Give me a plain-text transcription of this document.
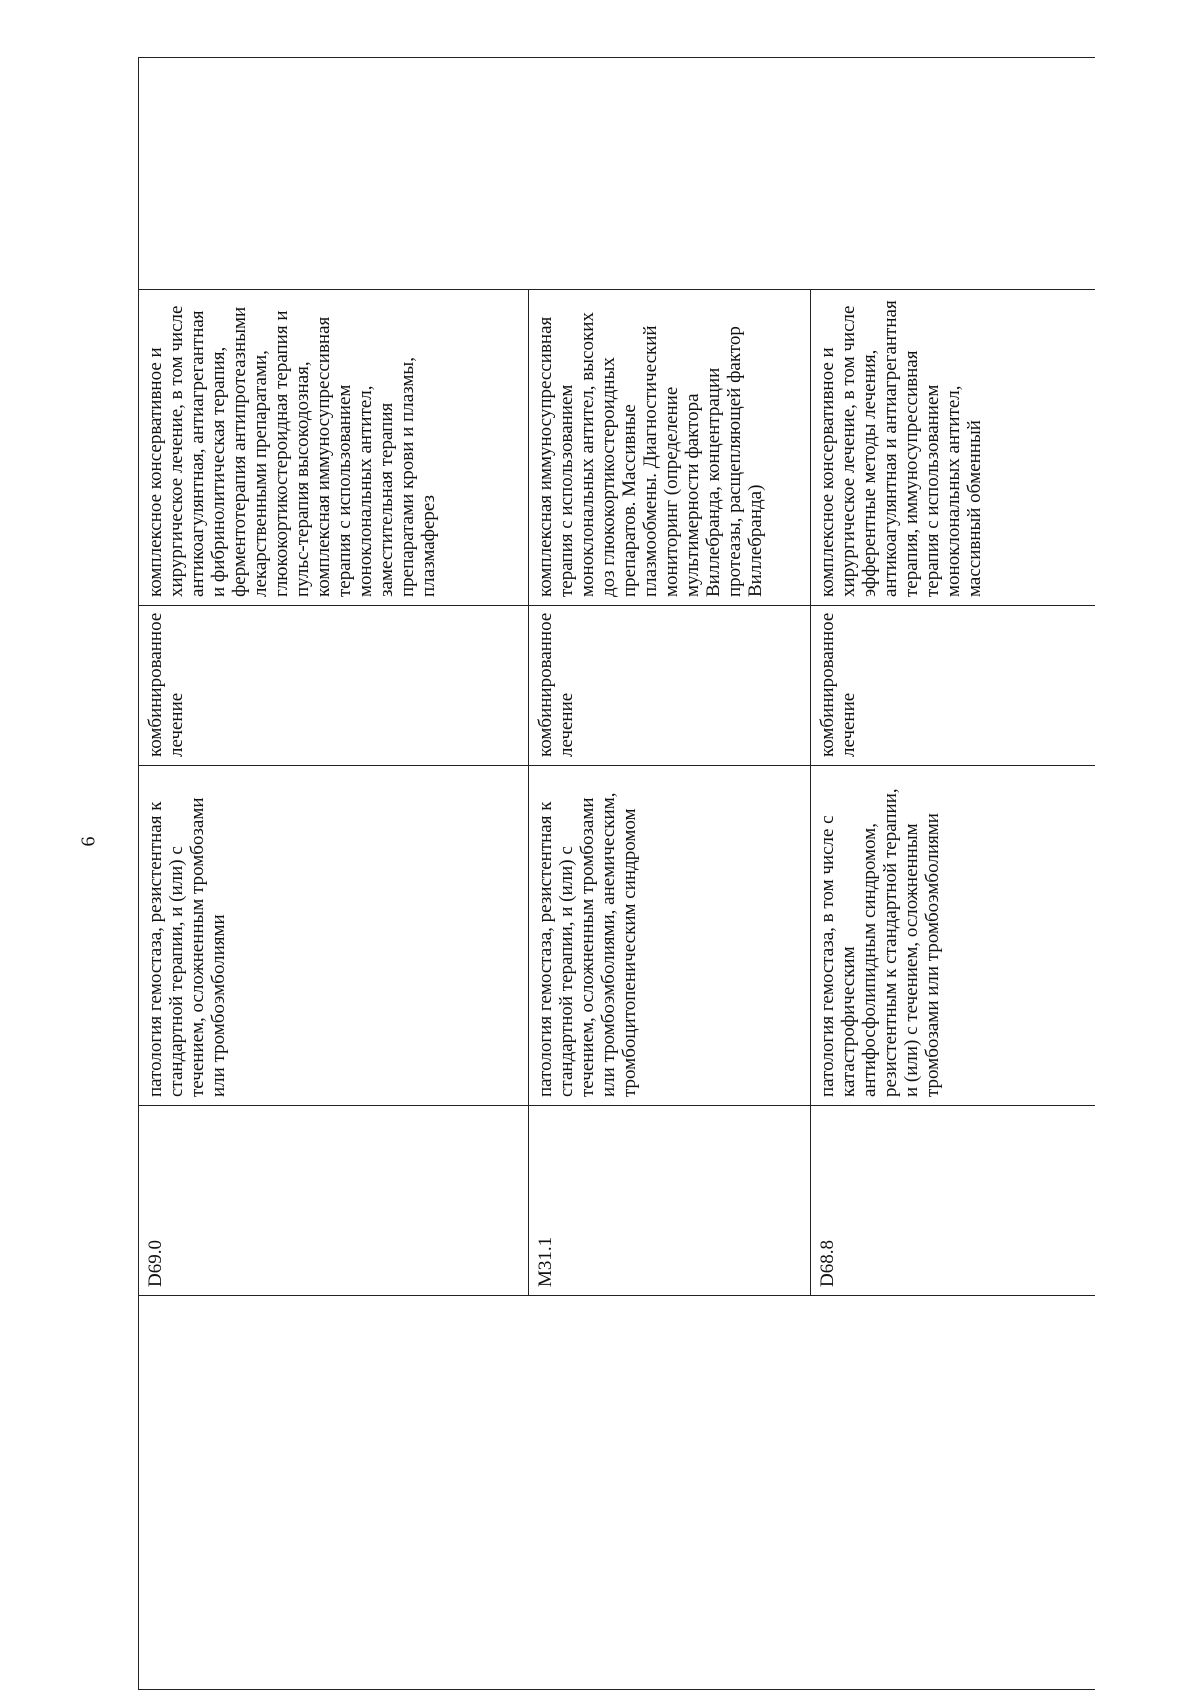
6

	D69.0	патология гемостаза, резистентная к стандартной терапии, и (или) с течением, осложненным тромбозами или тромбоэмболиями	комбинированное лечение	комплексное консервативное и хирургическое лечение, в том числе антикоагулянтная, антиагрегантная и фибринолитическая терапия, ферментотерапия антипротеазными лекарственными препаратами, глюкокортикостероидная терапия и пульс-терапия высокодозная, комплексная иммуносупрессивная терапия с использованием моноклональных антител, заместительная терапия препаратами крови и плазмы, плазмаферез	

	M31.1	патология гемостаза, резистентная к стандартной терапии, и (или) с течением, осложненным тромбозами или тромбоэмболиями, анемическим, тромбоцитопеническим синдромом	комбинированное лечение	комплексная иммуносупрессивная терапия с использованием моноклональных антител, высоких доз глюкокортикостероидных препаратов. Массивные плазмообмены. Диагностический мониторинг (определение мультимерности фактора Виллебранда, концентрации протеазы, расщепляющей фактор Виллебранда)	

	D68.8	патология гемостаза, в том числе с катастрофическим антифосфолипидным синдромом, резистентным к стандартной терапии, и (или) с течением, осложненным тромбозами или тромбоэмболиями	комбинированное лечение	комплексное консервативное и хирургическое лечение, в том числе эфферентные методы лечения, антикоагулянтная и антиагрегантная терапия, иммуносупрессивная терапия с использованием моноклональных антител, массивный обменный	
